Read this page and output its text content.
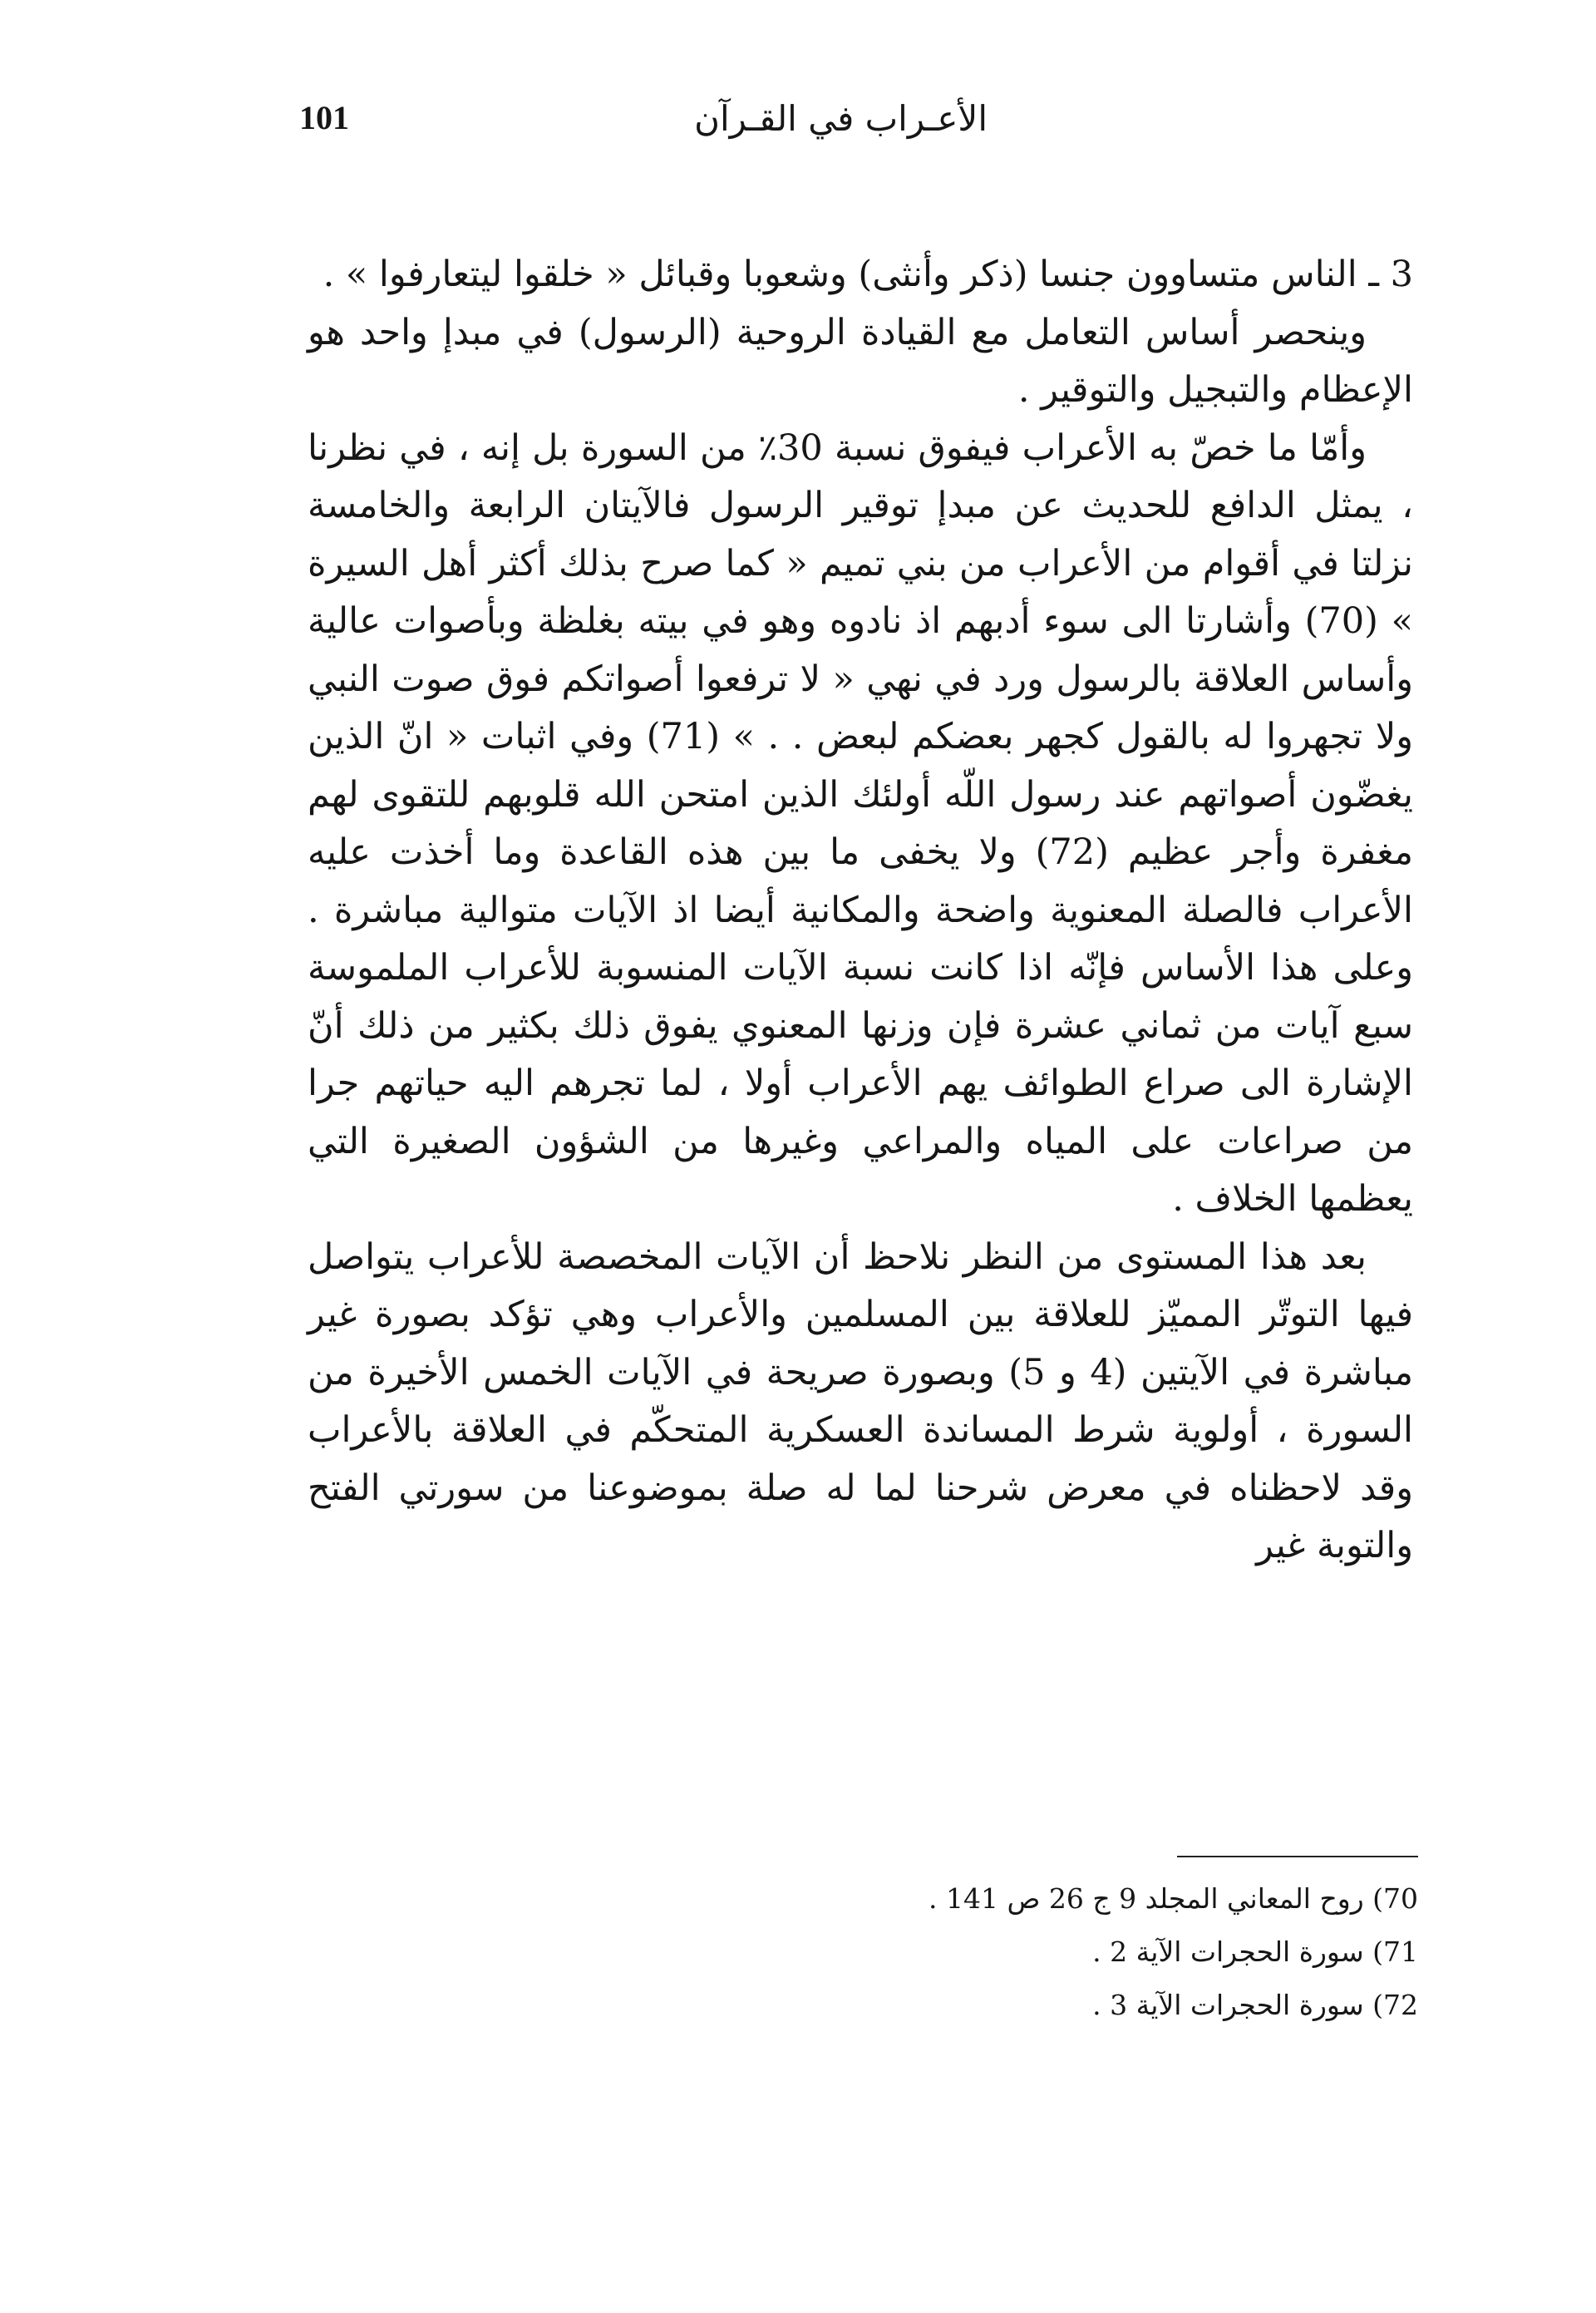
101	الأعـراب في القـرآن

3 ـ الناس متساوون جنسا (ذكر وأنثى) وشعوبا وقبائل « خلقوا ليتعارفوا » .

وينحصر أساس التعامل مع القيادة الروحية (الرسول) في مبدإ واحد هو الإعظام والتبجيل والتوقير .

وأمّا ما خصّ به الأعراب فيفوق نسبة 30٪ من السورة بل إنه ، في نظرنا ، يمثل الدافع للحديث عن مبدإ توقير الرسول فالآيتان الرابعة والخامسة نزلتا في أقوام من الأعراب من بني تميم « كما صرح بذلك أكثر أهل السيرة » (70) وأشارتا الى سوء أدبهم اذ نادوه وهو في بيته بغلظة وبأصوات عالية وأساس العلاقة بالرسول ورد في نهي « لا ترفعوا أصواتكم فوق صوت النبي ولا تجهروا له بالقول كجهر بعضكم لبعض . . » (71) وفي اثبات « انّ الذين يغضّون أصواتهم عند رسول اللّه أولئك الذين امتحن الله قلوبهم للتقوى لهم مغفرة وأجر عظيم (72) ولا يخفى ما بين هذه القاعدة وما أخذت عليه الأعراب فالصلة المعنوية واضحة والمكانية أيضا اذ الآيات متوالية مباشرة . وعلى هذا الأساس فإنّه اذا كانت نسبة الآيات المنسوبة للأعراب الملموسة سبع آيات من ثماني عشرة فإن وزنها المعنوي يفوق ذلك بكثير من ذلك أنّ الإشارة الى صراع الطوائف يهم الأعراب أولا ، لما تجرهم اليه حياتهم جرا من صراعات على المياه والمراعي وغيرها من الشؤون الصغيرة التي يعظمها الخلاف .

بعد هذا المستوى من النظر نلاحظ أن الآيات المخصصة للأعراب يتواصل فيها التوتّر المميّز للعلاقة بين المسلمين والأعراب وهي تؤكد بصورة غير مباشرة في الآيتين (4 و 5) وبصورة صريحة في الآيات الخمس الأخيرة من السورة ، أولوية شرط المساندة العسكرية المتحكّم في العلاقة بالأعراب وقد لاحظناه في معرض شرحنا لما له صلة بموضوعنا من سورتي الفتح والتوبة غير

70) روح المعاني المجلد 9 ج 26 ص 141 .

71) سورة الحجرات الآية 2 .

72) سورة الحجرات الآية 3 .
